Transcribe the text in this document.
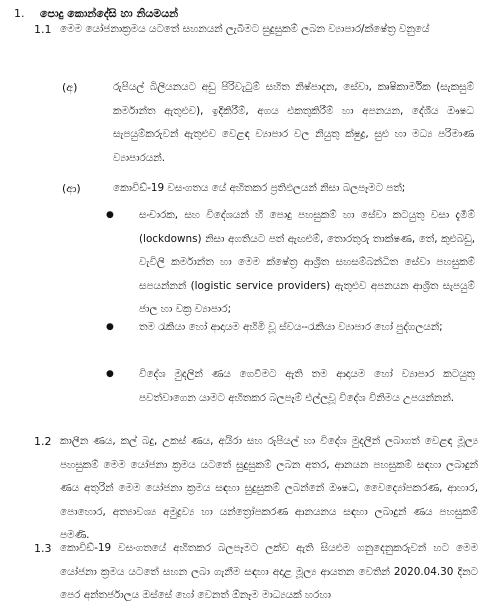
1. පොදු කොන්දේසි හා නියමයන්
1.1 මෙම යෝජනාක්‍රමය යටතේ සහනයන් ලැබීමට සුදුසුකම් ලබන ව්‍යාපාර/ක්ෂේත්‍ර වනුයේ
(අ)	රුපියල් බිලියනයට අඩු පිරිවැටුම් සහිත නිෂ්පාදන, සේවා, කෘෂිකාර්මික (සැකසුම් කර්මාන්ත ඇතුළුව), ඉදිකිරීම්, අගය එකතුකිරීම් හා අපනයන, දේශීය ඖෂධ සැපයුම්කරුවන් ඇතුළුව වෙළඳ ව්‍යාපාර වල නියුතු ක්ෂුද්‍ර, සුළු හා මධ්‍ය පරිමාණ ව්‍යාපාරයන්.
(ආ)	කොවිඩ්-19 වසංගතය යේ අහිතකර ප්‍රතිඵලයන් නිසා බලපෑමට පත්;
● සංචාරක, සහ විදේශයන් හි පොදු පහසුකම් හා සේවා කටයුතු වසා දැමීම් (lockdowns) නිසා අගතියට පත් ඇඟළුම්, තොරතුරු තාක්ෂණ, තේ, කුළුබඩු, වැවිලි කර්මාන්ත හා මෙම ක්ෂේත්‍ර ආශ්‍රිත සහසම්බන්ධිත සේවා පහසුකම් සපයන්නන් (logistic service providers) ඇතුළුව අපනයන ආශ්‍රිත සැපයුම් ජාල හා වක්‍ර ව්‍යාපාර;
● තම රැකියා හෝ ආදායම අහිමි වූ ස්වයං-රැකියා ව්‍යාපාර හෝ පුද්ගලයන්;
● විදේශ මුදලින් ණය ගෙවීමට ඇති තම ආදායම හෝ ව්‍යාපාර කටයුතු පවත්වාගෙන යාමට අහිතකර බලපෑම් එල්ලවූ විදේශ විනිමය උපයන්නන්.
1.2 කාලීන ණය, කල් බදු, උකස් ණය, අයිරා සහ රුපියල් හා විදේශ මුදලින් ලබාගත් වෙළඳ මූල්‍ය පහසුකම් මෙම යෝජනා ක්‍රමය යටතේ සුදුසුකම් ලබන අතර, ආනයන පහසුකම් සඳහා ලබාදුන් ණය අතුරින් මෙම යෝජනා ක්‍රමය සඳහා සුදුසුකම් ලබන්නේ ඖෂධ, වෛද්‍යෝපකරණ, ආහාර, පොහොර, අත්‍යාවශ්‍ය අමුද්‍රව්‍ය හා යන්ත්‍රෝපකරණ ආනයනය සඳහා ලබාදුන් ණය පහසුකම් පමණි.
1.3 කොවිඩ්-19 වසංගතයේ අහිතකර බලපෑමට ලක්ව ඇති සියළුම ගනුදෙනුකරුවන් හට මෙම යෝජනා ක්‍රමය යටතේ සහන ලබා ගැනීම සඳහා අදාළ මූල්‍ය ආයතන වෙතින් 2020.04.30 දිනට පෙර අන්තර්ජාලය ඔස්සේ හෝ වෙනත් ඕනෑම මාධ්‍යයක් හරහා
